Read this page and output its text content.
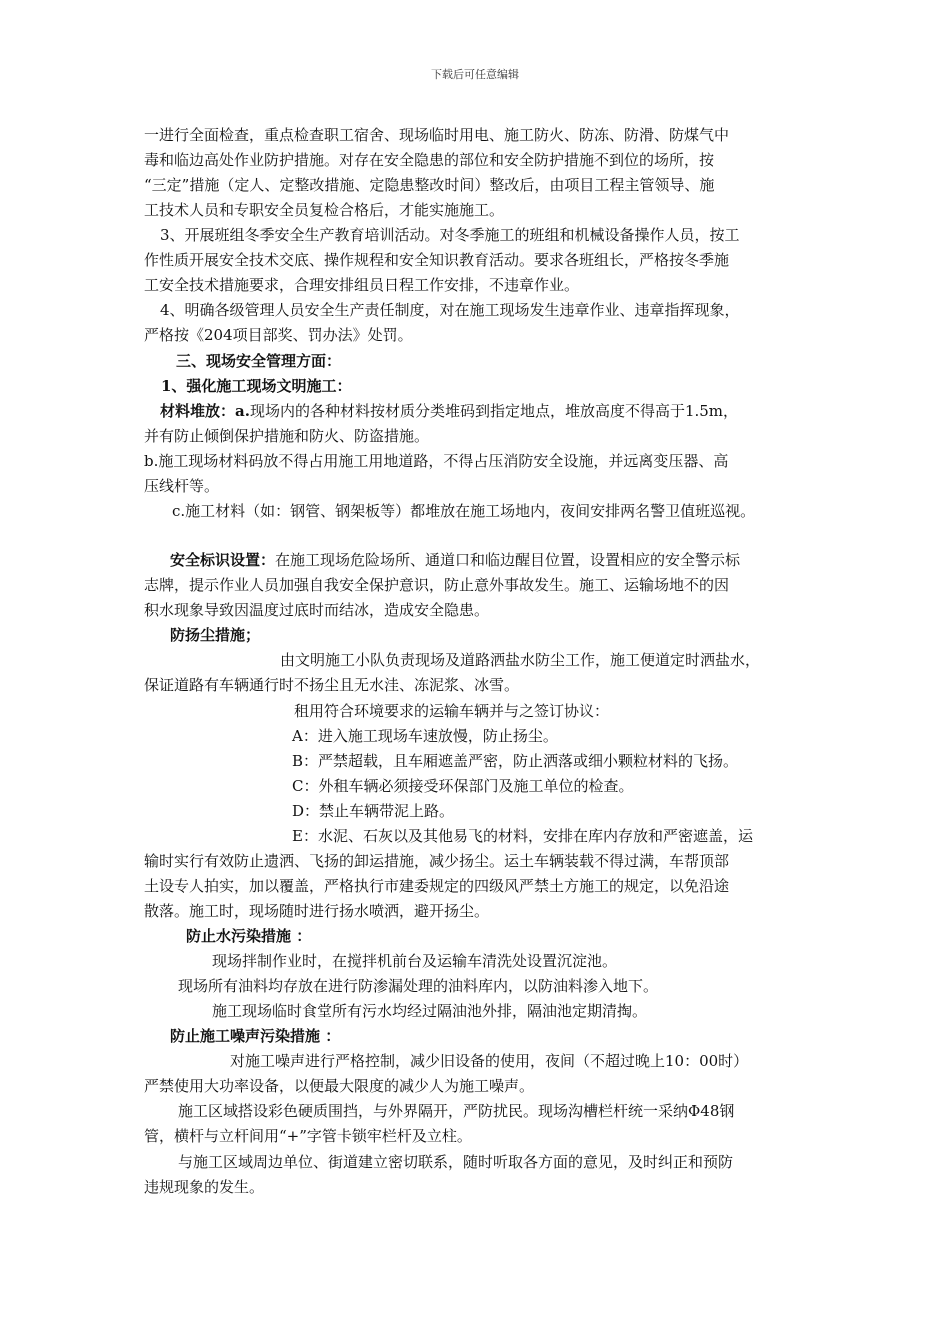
下载后可任意编辑
一进行全面检查，重点检查职工宿舍、现场临时用电、施工防火、防冻、防滑、防煤气中
毒和临边高处作业防护措施。对存在安全隐患的部位和安全防护措施不到位的场所，按
“三定”措施（定人、定整改措施、定隐患整改时间）整改后，由项目工程主管领导、施
工技术人员和专职安全员复检合格后，才能实施施工。
3、开展班组冬季安全生产教育培训活动。对冬季施工的班组和机械设备操作人员，按工
作性质开展安全技术交底、操作规程和安全知识教育活动。要求各班组长，严格按冬季施
工安全技术措施要求，合理安排组员日程工作安排，不违章作业。
4、明确各级管理人员安全生产责任制度，对在施工现场发生违章作业、违章指挥现象，
严格按《204项目部奖、罚办法》处罚。
三、现场安全管理方面：
1、强化施工现场文明施工：
材料堆放：a.现场内的各种材料按材质分类堆码到指定地点，堆放高度不得高于1.5m，
并有防止倾倒保护措施和防火、防盗措施。
b.施工现场材料码放不得占用施工用地道路，不得占压消防安全设施，并远离变压器、高
压线杆等。
c.施工材料（如：钢管、钢架板等）都堆放在施工场地内，夜间安排两名警卫值班巡视。
安全标识设置：在施工现场危险场所、通道口和临边醒目位置，设置相应的安全警示标
志牌，提示作业人员加强自我安全保护意识，防止意外事故发生。施工、运输场地不的因
积水现象导致因温度过底时而结冰，造成安全隐患。
防扬尘措施；
由文明施工小队负责现场及道路洒盐水防尘工作，施工便道定时洒盐水，
保证道路有车辆通行时不扬尘且无水洼、冻泥浆、冰雪。
租用符合环境要求的运输车辆并与之签订协议：
A：进入施工现场车速放慢，防止扬尘。
B：严禁超载，且车厢遮盖严密，防止洒落或细小颗粒材料的飞扬。
C：外租车辆必须接受环保部门及施工单位的检查。
D：禁止车辆带泥上路。
E：水泥、石灰以及其他易飞的材料，安排在库内存放和严密遮盖，运
输时实行有效防止遗洒、飞扬的卸运措施，减少扬尘。运土车辆装载不得过满，车帮顶部
土设专人拍实，加以覆盖，严格执行市建委规定的四级风严禁土方施工的规定，以免沿途
散落。施工时，现场随时进行扬水喷洒，避开扬尘。
防止水污染措施 ：
现场拌制作业时，在搅拌机前台及运输车清洗处设置沉淀池。
现场所有油料均存放在进行防渗漏处理的油料库内，以防油料渗入地下。
施工现场临时食堂所有污水均经过隔油池外排，隔油池定期清掏。
防止施工噪声污染措施 ：
对施工噪声进行严格控制，减少旧设备的使用，夜间（不超过晚上10：00时）
严禁使用大功率设备，以便最大限度的减少人为施工噪声。
施工区域搭设彩色硬质围挡，与外界隔开，严防扰民。现场沟槽栏杆统一采纳Φ48钢
管，横杆与立杆间用“+”字管卡锁牢栏杆及立柱。
与施工区域周边单位、街道建立密切联系，随时听取各方面的意见，及时纠正和预防
违规现象的发生。
